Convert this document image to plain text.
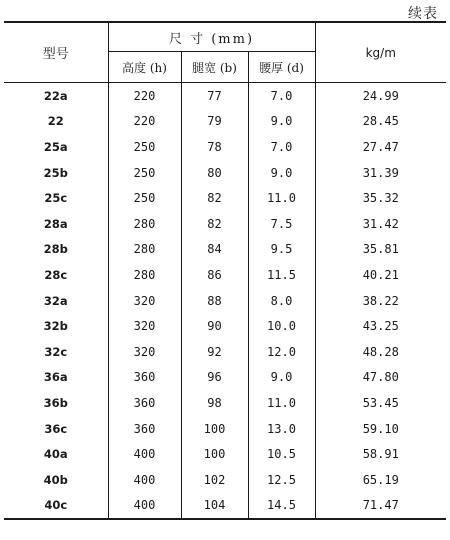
续表
型号	尺 寸 (mm)			kg/m
	高度 (h)	腿宽 (b)	腰厚 (d)	
22a	220	77	7.0	24.99
22	220	79	9.0	28.45
25a	250	78	7.0	27.47
25b	250	80	9.0	31.39
25c	250	82	11.0	35.32
28a	280	82	7.5	31.42
28b	280	84	9.5	35.81
28c	280	86	11.5	40.21
32a	320	88	8.0	38.22
32b	320	90	10.0	43.25
32c	320	92	12.0	48.28
36a	360	96	9.0	47.80
36b	360	98	11.0	53.45
36c	360	100	13.0	59.10
40a	400	100	10.5	58.91
40b	400	102	12.5	65.19
40c	400	104	14.5	71.47
